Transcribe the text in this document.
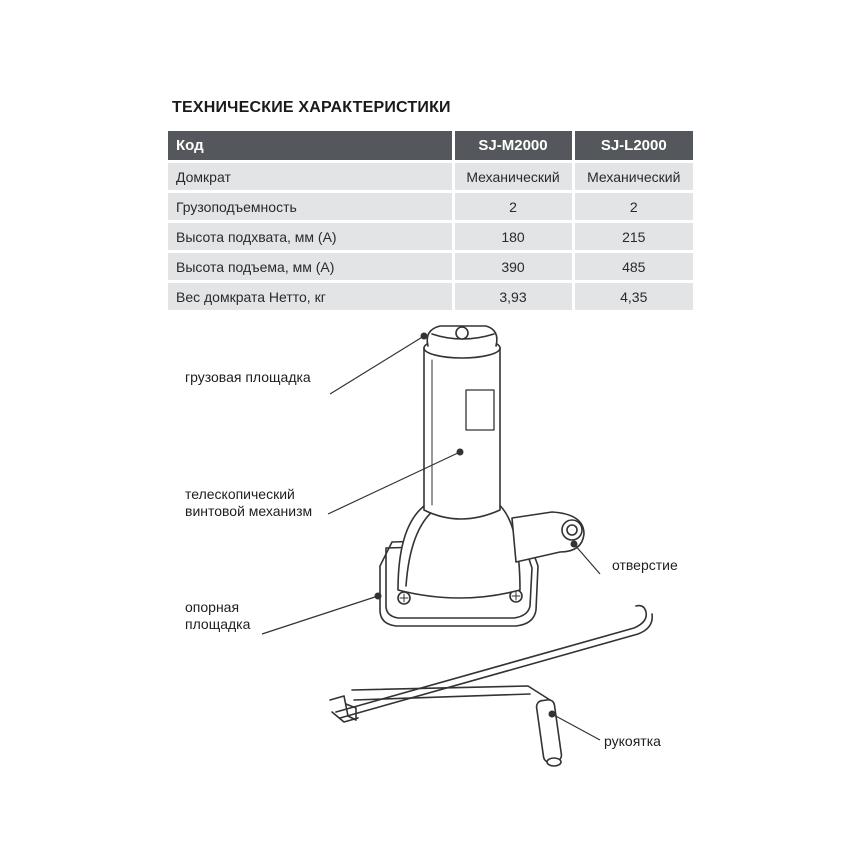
ТЕХНИЧЕСКИЕ ХАРАКТЕРИСТИКИ
Код	SJ-M2000	SJ-L2000
Домкрат	Механический	Механический
Грузоподъемность	2	2
Высота подхвата, мм (А)	180	215
Высота подъема, мм (А)	390	485
Вес домкрата Нетто, кг	3,93	4,35
грузовая площадка
телескопический
винтовой механизм
отверстие
опорная
площадка
рукоятка
